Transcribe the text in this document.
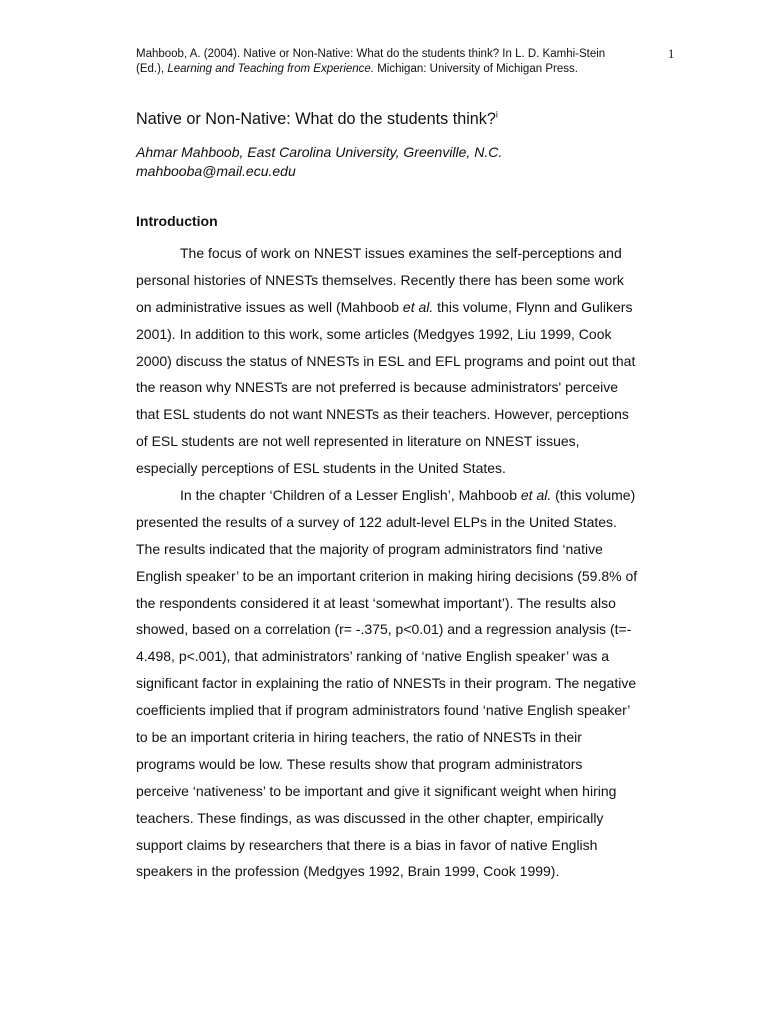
Mahboob, A. (2004). Native or Non-Native: What do the students think? In L. D. Kamhi-Stein
(Ed.), Learning and Teaching from Experience. Michigan: University of Michigan Press.
1
Native or Non-Native: What do the students think?$^i$
Ahmar Mahboob, East Carolina University, Greenville, N.C.
mahbooba@mail.ecu.edu
Introduction
The focus of work on NNEST issues examines the self-perceptions and
personal histories of NNESTs themselves. Recently there has been some work
on administrative issues as well (Mahboob et al. this volume, Flynn and Gulikers
2001). In addition to this work, some articles (Medgyes 1992, Liu 1999, Cook
2000) discuss the status of NNESTs in ESL and EFL programs and point out that
the reason why NNESTs are not preferred is because administrators' perceive
that ESL students do not want NNESTs as their teachers. However, perceptions
of ESL students are not well represented in literature on NNEST issues,
especially perceptions of ESL students in the United States.
In the chapter ‘Children of a Lesser English’, Mahboob et al. (this volume)
presented the results of a survey of 122 adult-level ELPs in the United States.
The results indicated that the majority of program administrators find ‘native
English speaker’ to be an important criterion in making hiring decisions (59.8% of
the respondents considered it at least ‘somewhat important’). The results also
showed, based on a correlation (r= -.375, p<0.01) and a regression analysis (t=-
4.498, p<.001), that administrators’ ranking of ‘native English speaker’ was a
significant factor in explaining the ratio of NNESTs in their program. The negative
coefficients implied that if program administrators found ‘native English speaker’
to be an important criteria in hiring teachers, the ratio of NNESTs in their
programs would be low. These results show that program administrators
perceive ‘nativeness’ to be important and give it significant weight when hiring
teachers. These findings, as was discussed in the other chapter, empirically
support claims by researchers that there is a bias in favor of native English
speakers in the profession (Medgyes 1992, Brain 1999, Cook 1999).
